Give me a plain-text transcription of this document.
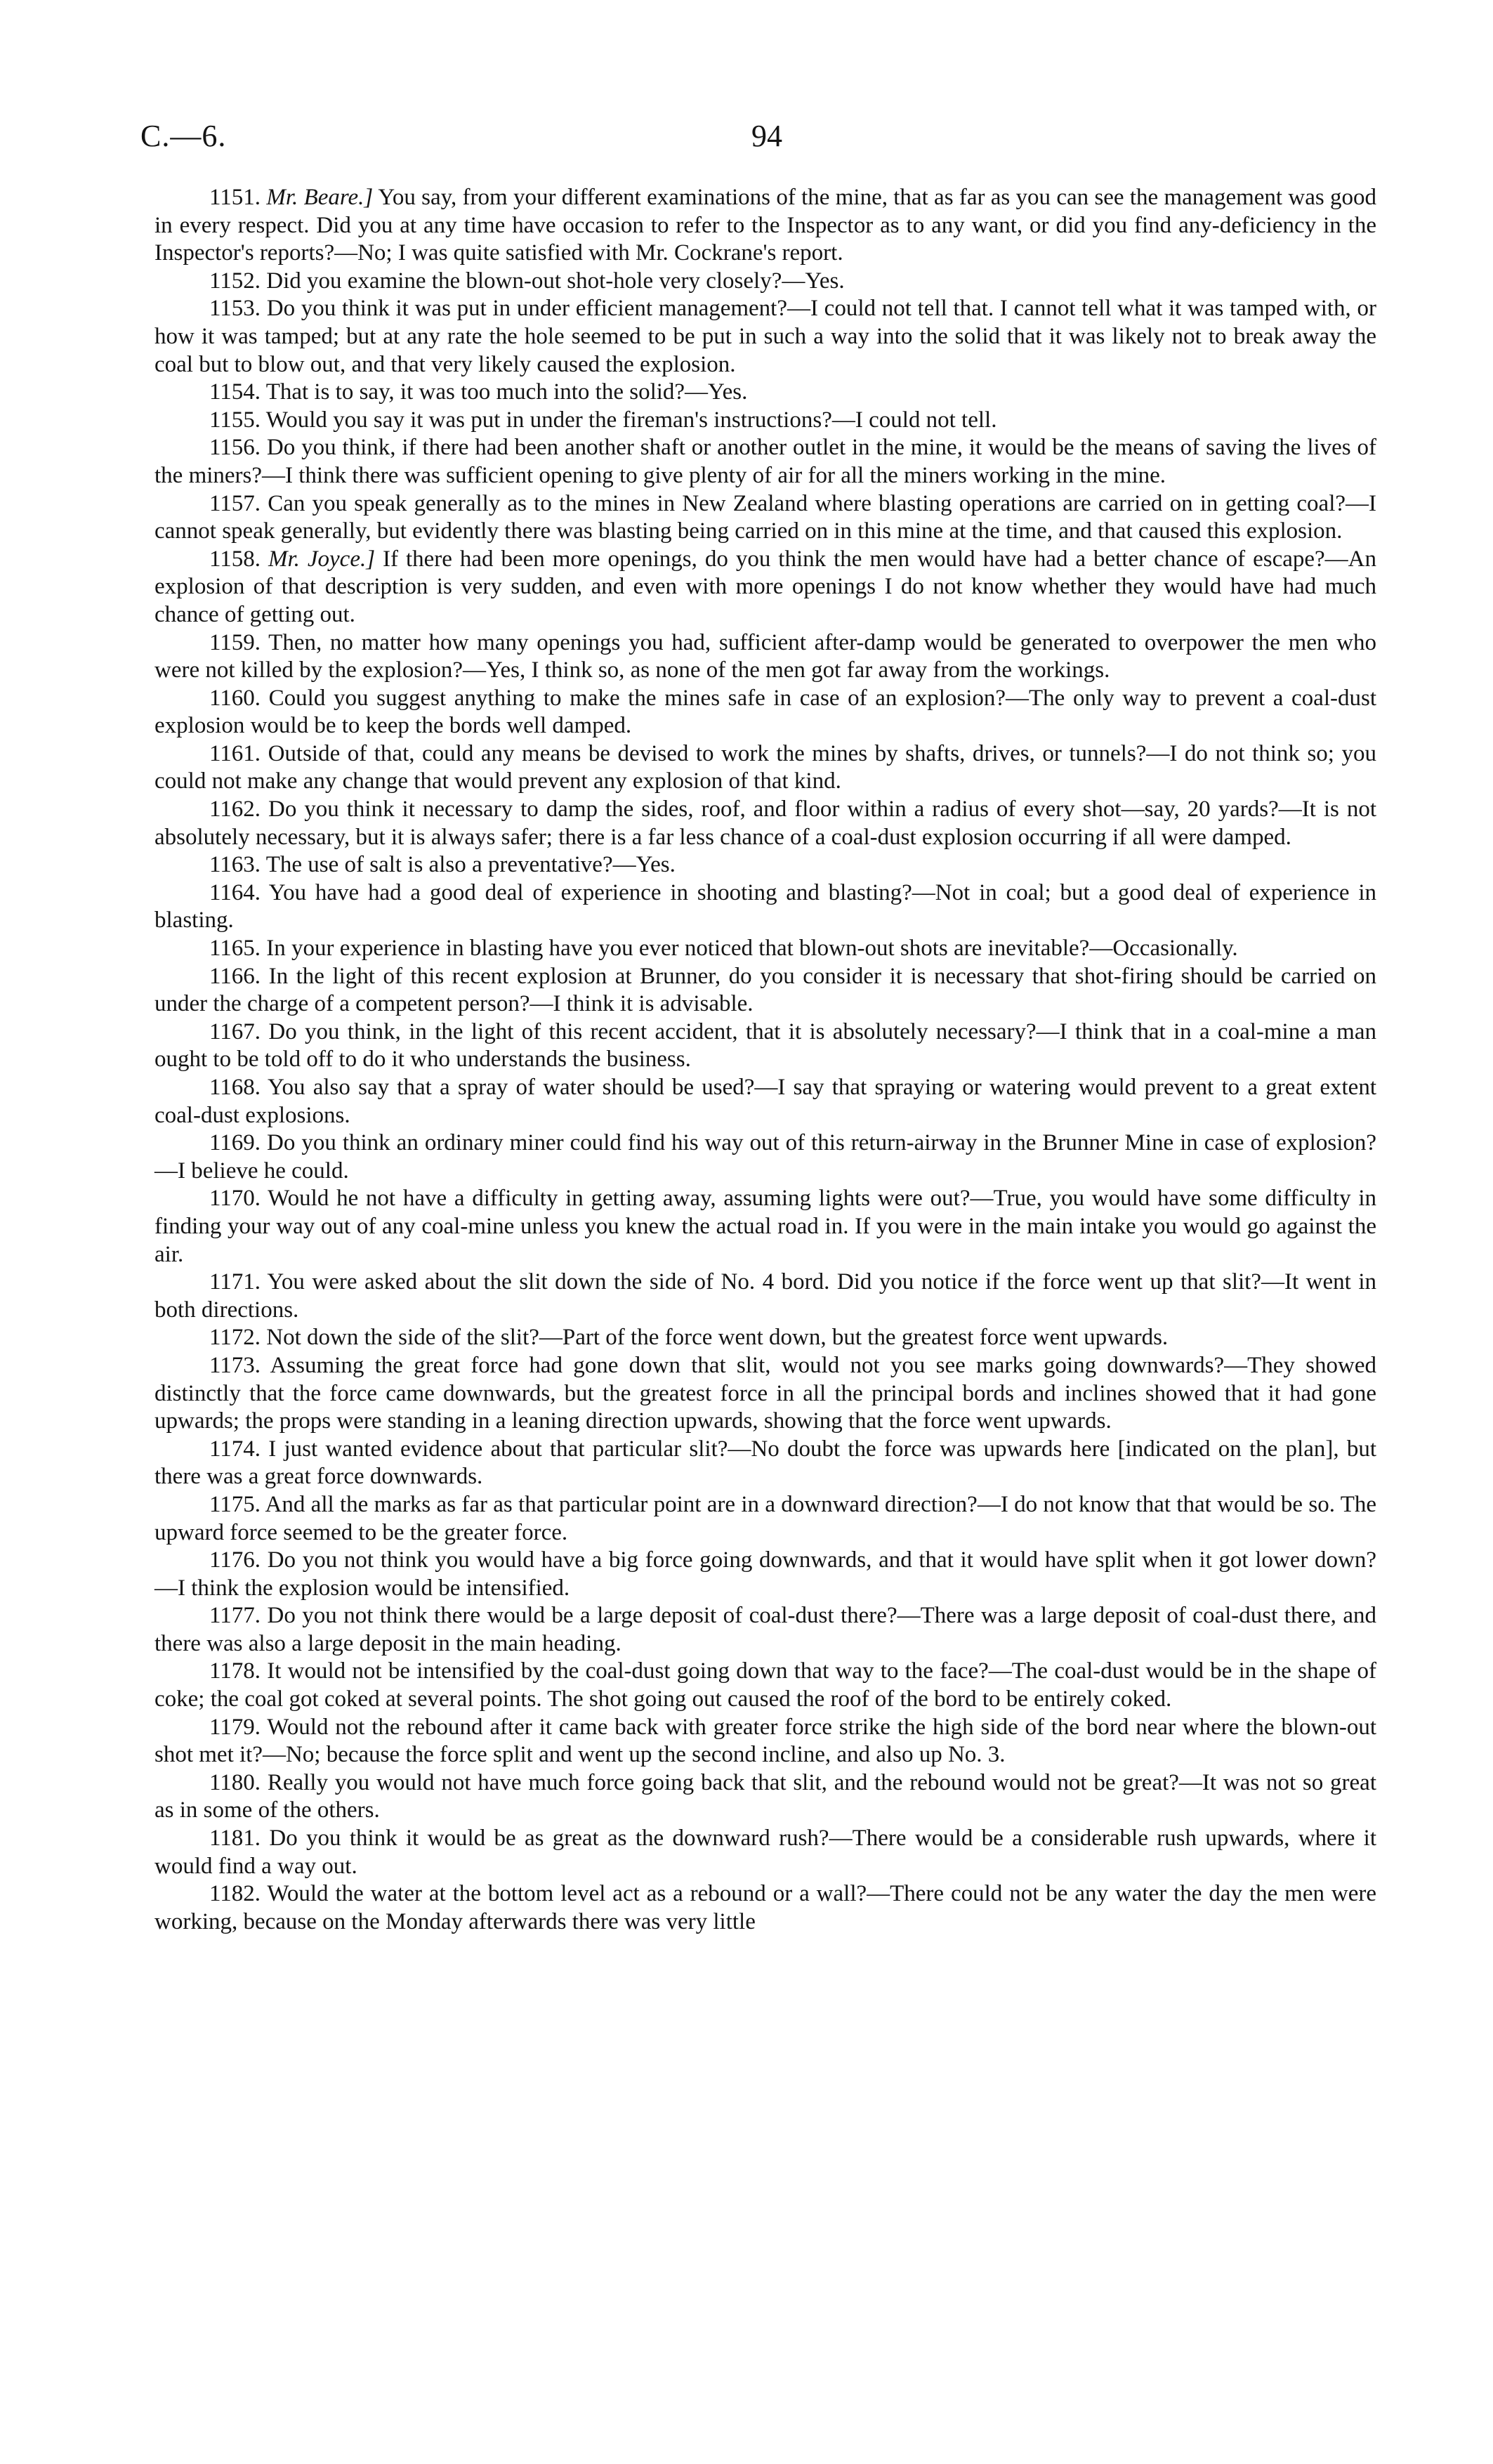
C.—6.	94

1151. Mr. Beare.] You say, from your different examinations of the mine, that as far as you can see the management was good in every respect. Did you at any time have occasion to refer to the Inspector as to any want, or did you find any-deficiency in the Inspector's reports?—No; I was quite satisfied with Mr. Cockrane's report.

1152. Did you examine the blown-out shot-hole very closely?—Yes.

1153. Do you think it was put in under efficient management?—I could not tell that. I cannot tell what it was tamped with, or how it was tamped; but at any rate the hole seemed to be put in such a way into the solid that it was likely not to break away the coal but to blow out, and that very likely caused the explosion.

1154. That is to say, it was too much into the solid?—Yes.

1155. Would you say it was put in under the fireman's instructions?—I could not tell.

1156. Do you think, if there had been another shaft or another outlet in the mine, it would be the means of saving the lives of the miners?—I think there was sufficient opening to give plenty of air for all the miners working in the mine.

1157. Can you speak generally as to the mines in New Zealand where blasting operations are carried on in getting coal?—I cannot speak generally, but evidently there was blasting being carried on in this mine at the time, and that caused this explosion.

1158. Mr. Joyce.] If there had been more openings, do you think the men would have had a better chance of escape?—An explosion of that description is very sudden, and even with more openings I do not know whether they would have had much chance of getting out.

1159. Then, no matter how many openings you had, sufficient after-damp would be generated to overpower the men who were not killed by the explosion?—Yes, I think so, as none of the men got far away from the workings.

1160. Could you suggest anything to make the mines safe in case of an explosion?—The only way to prevent a coal-dust explosion would be to keep the bords well damped.

1161. Outside of that, could any means be devised to work the mines by shafts, drives, or tunnels?—I do not think so; you could not make any change that would prevent any explosion of that kind.

1162. Do you think it necessary to damp the sides, roof, and floor within a radius of every shot—say, 20 yards?—It is not absolutely necessary, but it is always safer; there is a far less chance of a coal-dust explosion occurring if all were damped.

1163. The use of salt is also a preventative?—Yes.

1164. You have had a good deal of experience in shooting and blasting?—Not in coal; but a good deal of experience in blasting.

1165. In your experience in blasting have you ever noticed that blown-out shots are inevitable?—Occasionally.

1166. In the light of this recent explosion at Brunner, do you consider it is necessary that shot-firing should be carried on under the charge of a competent person?—I think it is advisable.

1167. Do you think, in the light of this recent accident, that it is absolutely necessary?—I think that in a coal-mine a man ought to be told off to do it who understands the business.

1168. You also say that a spray of water should be used?—I say that spraying or watering would prevent to a great extent coal-dust explosions.

1169. Do you think an ordinary miner could find his way out of this return-airway in the Brunner Mine in case of explosion?—I believe he could.

1170. Would he not have a difficulty in getting away, assuming lights were out?—True, you would have some difficulty in finding your way out of any coal-mine unless you knew the actual road in. If you were in the main intake you would go against the air.

1171. You were asked about the slit down the side of No. 4 bord. Did you notice if the force went up that slit?—It went in both directions.

1172. Not down the side of the slit?—Part of the force went down, but the greatest force went upwards.

1173. Assuming the great force had gone down that slit, would not you see marks going downwards?—They showed distinctly that the force came downwards, but the greatest force in all the principal bords and inclines showed that it had gone upwards; the props were standing in a leaning direction upwards, showing that the force went upwards.

1174. I just wanted evidence about that particular slit?—No doubt the force was upwards here [indicated on the plan], but there was a great force downwards.

1175. And all the marks as far as that particular point are in a downward direction?—I do not know that that would be so. The upward force seemed to be the greater force.

1176. Do you not think you would have a big force going downwards, and that it would have split when it got lower down?—I think the explosion would be intensified.

1177. Do you not think there would be a large deposit of coal-dust there?—There was a large deposit of coal-dust there, and there was also a large deposit in the main heading.

1178. It would not be intensified by the coal-dust going down that way to the face?—The coal-dust would be in the shape of coke; the coal got coked at several points. The shot going out caused the roof of the bord to be entirely coked.

1179. Would not the rebound after it came back with greater force strike the high side of the bord near where the blown-out shot met it?—No; because the force split and went up the second incline, and also up No. 3.

1180. Really you would not have much force going back that slit, and the rebound would not be great?—It was not so great as in some of the others.

1181. Do you think it would be as great as the downward rush?—There would be a considerable rush upwards, where it would find a way out.

1182. Would the water at the bottom level act as a rebound or a wall?—There could not be any water the day the men were working, because on the Monday afterwards there was very little
